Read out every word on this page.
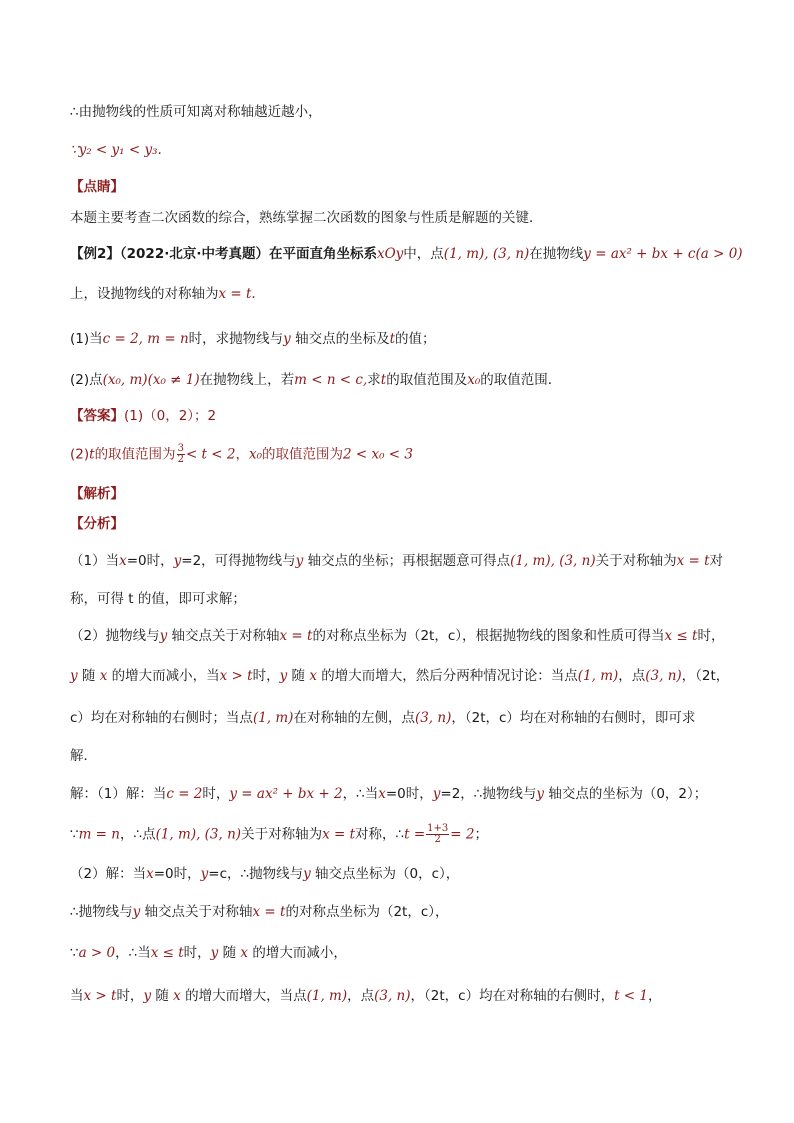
∴由抛物线的性质可知离对称轴越近越小，
∵y₂ < y₁ < y₃.
【点睛】
本题主要考查二次函数的综合，熟练掌握二次函数的图象与性质是解题的关键．
【例2】（2022·北京·中考真题）在平面直角坐标系xOy中，点(1, m), (3, n)在抛物线y = ax² + bx + c(a > 0)
上，设抛物线的对称轴为x = t.
(1)当c = 2, m = n时，求抛物线与y 轴交点的坐标及t的值；
(2)点(x₀, m)(x₀ ≠ 1)在抛物线上，若m < n < c,求t的取值范围及x₀的取值范围．
【答案】(1)（0，2）；2
(2)t的取值范围为 $\frac{3}{2} < t < 2$，x₀的取值范围为2 < x₀ < 3
【解析】
【分析】
（1）当x=0时，y=2，可得抛物线与y 轴交点的坐标；再根据题意可得点(1, m), (3, n)关于对称轴为x = t对
称，可得 t 的值，即可求解；
（2）抛物线与y 轴交点关于对称轴x = t的对称点坐标为（2t，c），根据抛物线的图象和性质可得当x ≤ t时，
y 随 x 的增大而减小，当x > t时，y 随 x 的增大而增大，然后分两种情况讨论：当点(1, m)，点(3, n)，（2t，
c）均在对称轴的右侧时；当点(1, m)在对称轴的左侧，点(3, n)，（2t，c）均在对称轴的右侧时，即可求
解．
解：（1）解：当c = 2时，y = ax² + bx + 2，∴当x=0时，y=2，∴抛物线与y 轴交点的坐标为（0，2）；
∵m = n，∴点(1, m), (3, n)关于对称轴为x = t对称，∴t = $\frac{1+3}{2} = 2$；
（2）解：当x=0时，y=c，∴抛物线与y 轴交点坐标为（0，c），
∴抛物线与y 轴交点关于对称轴x = t的对称点坐标为（2t，c），
∵a > 0，∴当x ≤ t时，y 随 x 的增大而减小，
当x > t时，y 随 x 的增大而增大，当点(1, m)，点(3, n)，（2t，c）均在对称轴的右侧时，t < 1，
